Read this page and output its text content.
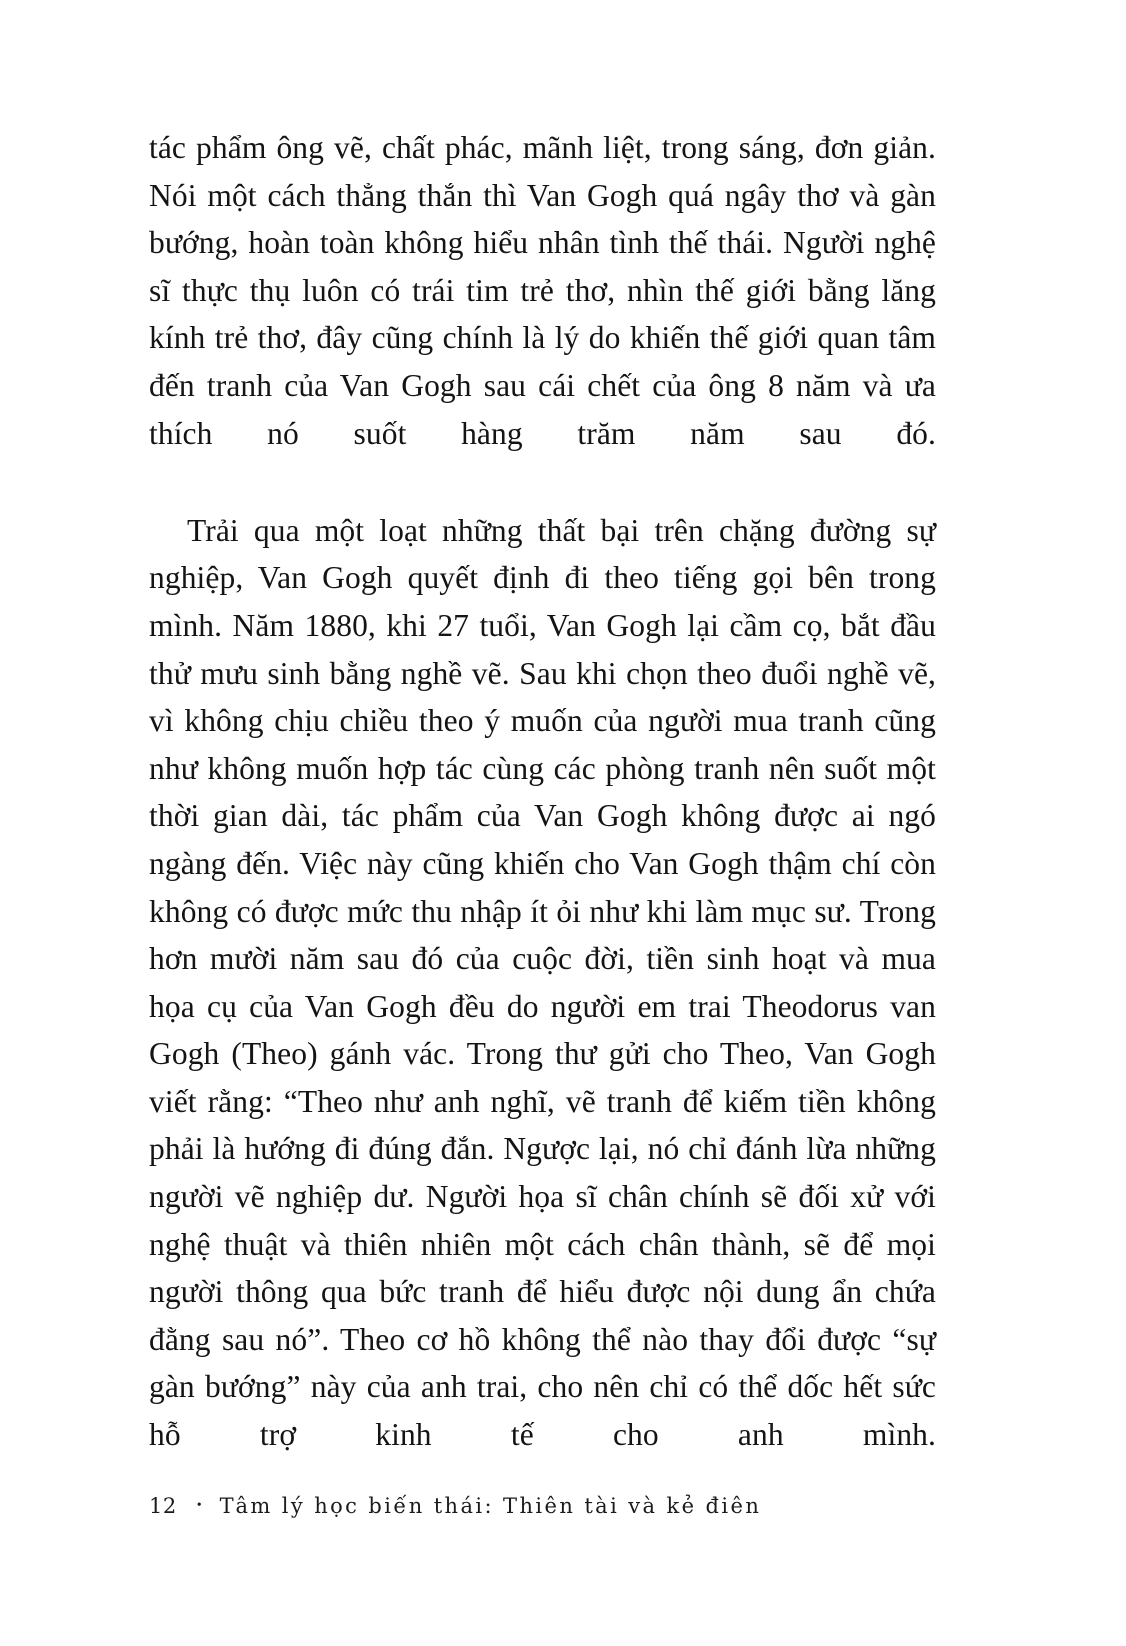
tác phẩm ông vẽ, chất phác, mãnh liệt, trong sáng, đơn giản. Nói một cách thẳng thắn thì Van Gogh quá ngây thơ và gàn bướng, hoàn toàn không hiểu nhân tình thế thái. Người nghệ sĩ thực thụ luôn có trái tim trẻ thơ, nhìn thế giới bằng lăng kính trẻ thơ, đây cũng chính là lý do khiến thế giới quan tâm đến tranh của Van Gogh sau cái chết của ông 8 năm và ưa thích nó suốt hàng trăm năm sau đó.

Trải qua một loạt những thất bại trên chặng đường sự nghiệp, Van Gogh quyết định đi theo tiếng gọi bên trong mình. Năm 1880, khi 27 tuổi, Van Gogh lại cầm cọ, bắt đầu thử mưu sinh bằng nghề vẽ. Sau khi chọn theo đuổi nghề vẽ, vì không chịu chiều theo ý muốn của người mua tranh cũng như không muốn hợp tác cùng các phòng tranh nên suốt một thời gian dài, tác phẩm của Van Gogh không được ai ngó ngàng đến. Việc này cũng khiến cho Van Gogh thậm chí còn không có được mức thu nhập ít ỏi như khi làm mục sư. Trong hơn mười năm sau đó của cuộc đời, tiền sinh hoạt và mua họa cụ của Van Gogh đều do người em trai Theodorus van Gogh (Theo) gánh vác. Trong thư gửi cho Theo, Van Gogh viết rằng: “Theo như anh nghĩ, vẽ tranh để kiếm tiền không phải là hướng đi đúng đắn. Ngược lại, nó chỉ đánh lừa những người vẽ nghiệp dư. Người họa sĩ chân chính sẽ đối xử với nghệ thuật và thiên nhiên một cách chân thành, sẽ để mọi người thông qua bức tranh để hiểu được nội dung ẩn chứa đằng sau nó”. Theo cơ hồ không thể nào thay đổi được “sự gàn bướng” này của anh trai, cho nên chỉ có thể dốc hết sức hỗ trợ kinh tế cho anh mình.

12 • Tâm lý học biến thái: Thiên tài và kẻ điên
